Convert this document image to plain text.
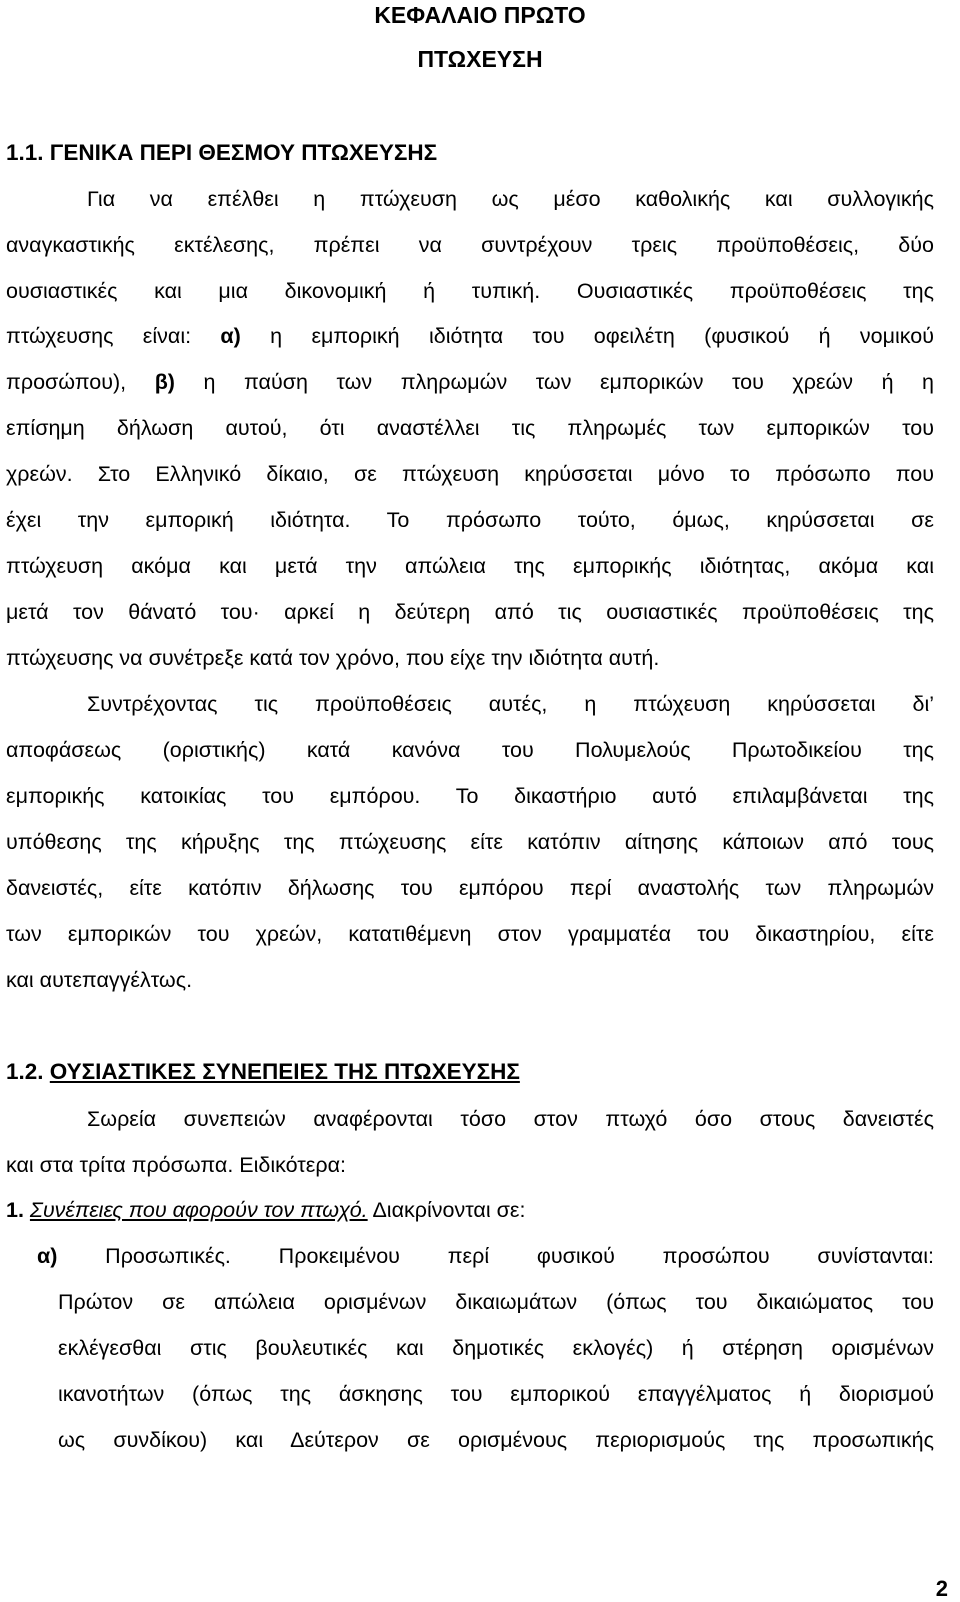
ΚΕΦΑΛΑΙΟ ΠΡΩΤΟ
ΠΤΩΧΕΥΣΗ
1.1. ΓΕΝΙΚΑ ΠΕΡΙ ΘΕΣΜΟΥ ΠΤΩΧΕΥΣΗΣ
Για να επέλθει η πτώχευση ως μέσο καθολικής και συλλογικής
αναγκαστικής εκτέλεσης, πρέπει να συντρέχουν τρεις προϋποθέσεις, δύο
ουσιαστικές και μια δικονομική ή τυπική. Ουσιαστικές προϋποθέσεις της
πτώχευσης είναι: α) η εμπορική ιδιότητα του οφειλέτη (φυσικού ή νομικού
προσώπου), β) η παύση των πληρωμών των εμπορικών του χρεών ή η
επίσημη δήλωση αυτού, ότι αναστέλλει τις πληρωμές των εμπορικών του
χρεών. Στο Ελληνικό δίκαιο, σε πτώχευση κηρύσσεται μόνο το πρόσωπο που
έχει την εμπορική ιδιότητα. Το πρόσωπο τούτο, όμως, κηρύσσεται σε
πτώχευση ακόμα και μετά την απώλεια της εμπορικής ιδιότητας, ακόμα και
μετά τον θάνατό του· αρκεί η δεύτερη από τις ουσιαστικές προϋποθέσεις της
πτώχευσης να συνέτρεξε κατά τον χρόνο, που είχε την ιδιότητα αυτή.
Συντρέχοντας τις προϋποθέσεις αυτές, η πτώχευση κηρύσσεται δι’
αποφάσεως (οριστικής) κατά κανόνα του Πολυμελούς Πρωτοδικείου της
εμπορικής κατοικίας του εμπόρου. Το δικαστήριο αυτό επιλαμβάνεται της
υπόθεσης της κήρυξης της πτώχευσης είτε κατόπιν αίτησης κάποιων από τους
δανειστές, είτε κατόπιν δήλωσης του εμπόρου περί αναστολής των πληρωμών
των εμπορικών του χρεών, κατατιθέμενη στον γραμματέα του δικαστηρίου, είτε
και αυτεπαγγέλτως.
1.2. ΟΥΣΙΑΣΤΙΚΕΣ ΣΥΝΕΠΕΙΕΣ ΤΗΣ ΠΤΩΧΕΥΣΗΣ
Σωρεία συνεπειών αναφέρονται τόσο στον πτωχό όσο στους δανειστές
και στα τρίτα πρόσωπα. Ειδικότερα:
1. Συνέπειες που αφορούν τον πτωχό. Διακρίνονται σε:
α) Προσωπικές. Προκειμένου περί φυσικού προσώπου συνίστανται:
Πρώτον σε απώλεια ορισμένων δικαιωμάτων (όπως του δικαιώματος του
εκλέγεσθαι στις βουλευτικές και δημοτικές εκλογές) ή στέρηση ορισμένων
ικανοτήτων (όπως της άσκησης του εμπορικού επαγγέλματος ή διορισμού
ως συνδίκου) και Δεύτερον σε ορισμένους περιορισμούς της προσωπικής
2
